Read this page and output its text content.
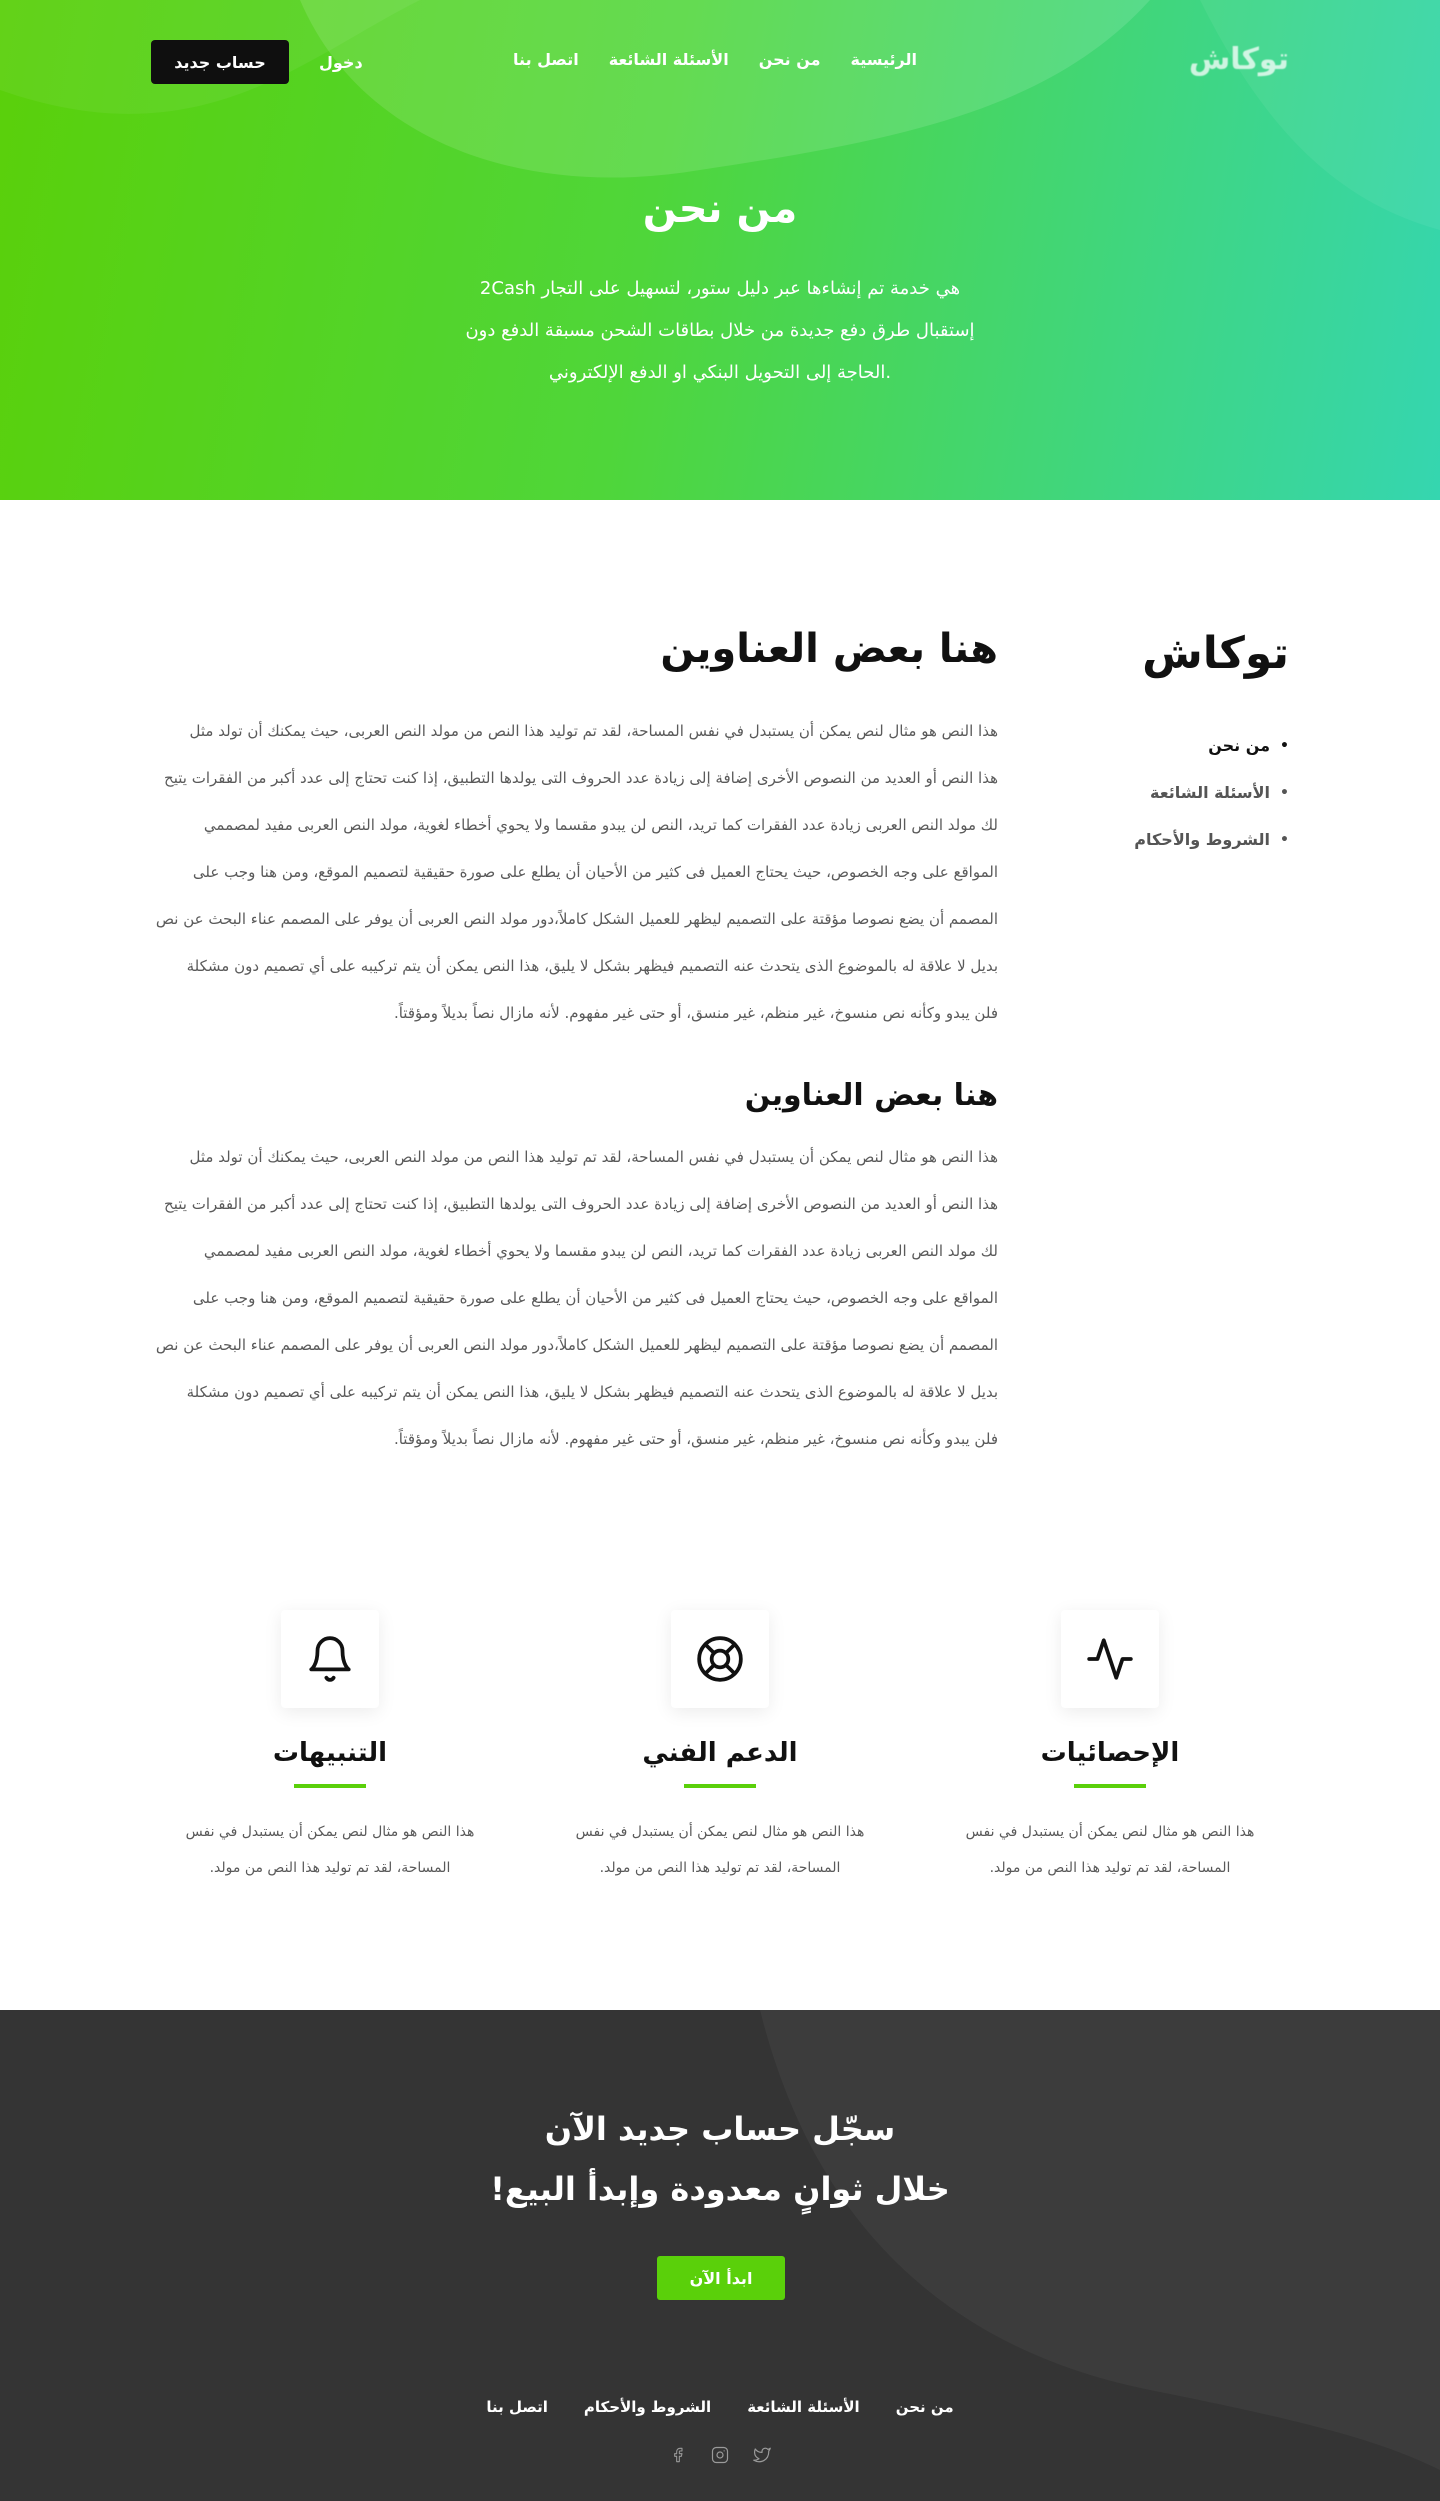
توكاش
الرئيسية
من نحن
الأسئلة الشائعة
اتصل بنا
دخول
حساب جديد
من نحن
هي خدمة تم إنشاءها عبر دليل ستور، لتسهيل على التجار 2Cash
إستقبال طرق دفع جديدة من خلال بطاقات الشحن مسبقة الدفع دون
.الحاجة إلى التحويل البنكي او الدفع الإلكتروني
توكاش
• من نحن
• الأسئلة الشائعة
• الشروط والأحكام
هنا بعض العناوين

هذا النص هو مثال لنص يمكن أن يستبدل في نفس المساحة، لقد تم توليد هذا النص من مولد النص العربى، حيث يمكنك أن تولد مثل

هذا النص أو العديد من النصوص الأخرى إضافة إلى زيادة عدد الحروف التى يولدها التطبيق، إذا كنت تحتاج إلى عدد أكبر من الفقرات يتيح

لك مولد النص العربى زيادة عدد الفقرات كما تريد، النص لن يبدو مقسما ولا يحوي أخطاء لغوية، مولد النص العربى مفيد لمصممي

المواقع على وجه الخصوص، حيث يحتاج العميل فى كثير من الأحيان أن يطلع على صورة حقيقية لتصميم الموقع، ومن هنا وجب على

المصمم أن يضع نصوصا مؤقتة على التصميم ليظهر للعميل الشكل كاملاً،دور مولد النص العربى أن يوفر على المصمم عناء البحث عن نص

بديل لا علاقة له بالموضوع الذى يتحدث عنه التصميم فيظهر بشكل لا يليق، هذا النص يمكن أن يتم تركيبه على أي تصميم دون مشكلة

فلن يبدو وكأنه نص منسوخ، غير منظم، غير منسق، أو حتى غير مفهوم. لأنه مازال نصاً بديلاً ومؤقتاً.

هنا بعض العناوين

هذا النص هو مثال لنص يمكن أن يستبدل في نفس المساحة، لقد تم توليد هذا النص من مولد النص العربى، حيث يمكنك أن تولد مثل

هذا النص أو العديد من النصوص الأخرى إضافة إلى زيادة عدد الحروف التى يولدها التطبيق، إذا كنت تحتاج إلى عدد أكبر من الفقرات يتيح

لك مولد النص العربى زيادة عدد الفقرات كما تريد، النص لن يبدو مقسما ولا يحوي أخطاء لغوية، مولد النص العربى مفيد لمصممي

المواقع على وجه الخصوص، حيث يحتاج العميل فى كثير من الأحيان أن يطلع على صورة حقيقية لتصميم الموقع، ومن هنا وجب على

المصمم أن يضع نصوصا مؤقتة على التصميم ليظهر للعميل الشكل كاملاً،دور مولد النص العربى أن يوفر على المصمم عناء البحث عن نص

بديل لا علاقة له بالموضوع الذى يتحدث عنه التصميم فيظهر بشكل لا يليق، هذا النص يمكن أن يتم تركيبه على أي تصميم دون مشكلة

فلن يبدو وكأنه نص منسوخ، غير منظم، غير منسق، أو حتى غير مفهوم. لأنه مازال نصاً بديلاً ومؤقتاً.

الإحصائيات
هذا النص هو مثال لنص يمكن أن يستبدل في نفس
المساحة، لقد تم توليد هذا النص من مولد.
الدعم الفني
هذا النص هو مثال لنص يمكن أن يستبدل في نفس
المساحة، لقد تم توليد هذا النص من مولد.
التنبيهات
هذا النص هو مثال لنص يمكن أن يستبدل في نفس
المساحة، لقد تم توليد هذا النص من مولد.
سجّل حساب جديد الآن
خلال ثوانٍ معدودة وإبدأ البيع!
ابدأ الآن
من نحن
الأسئلة الشائعة
الشروط والأحكام
اتصل بنا
